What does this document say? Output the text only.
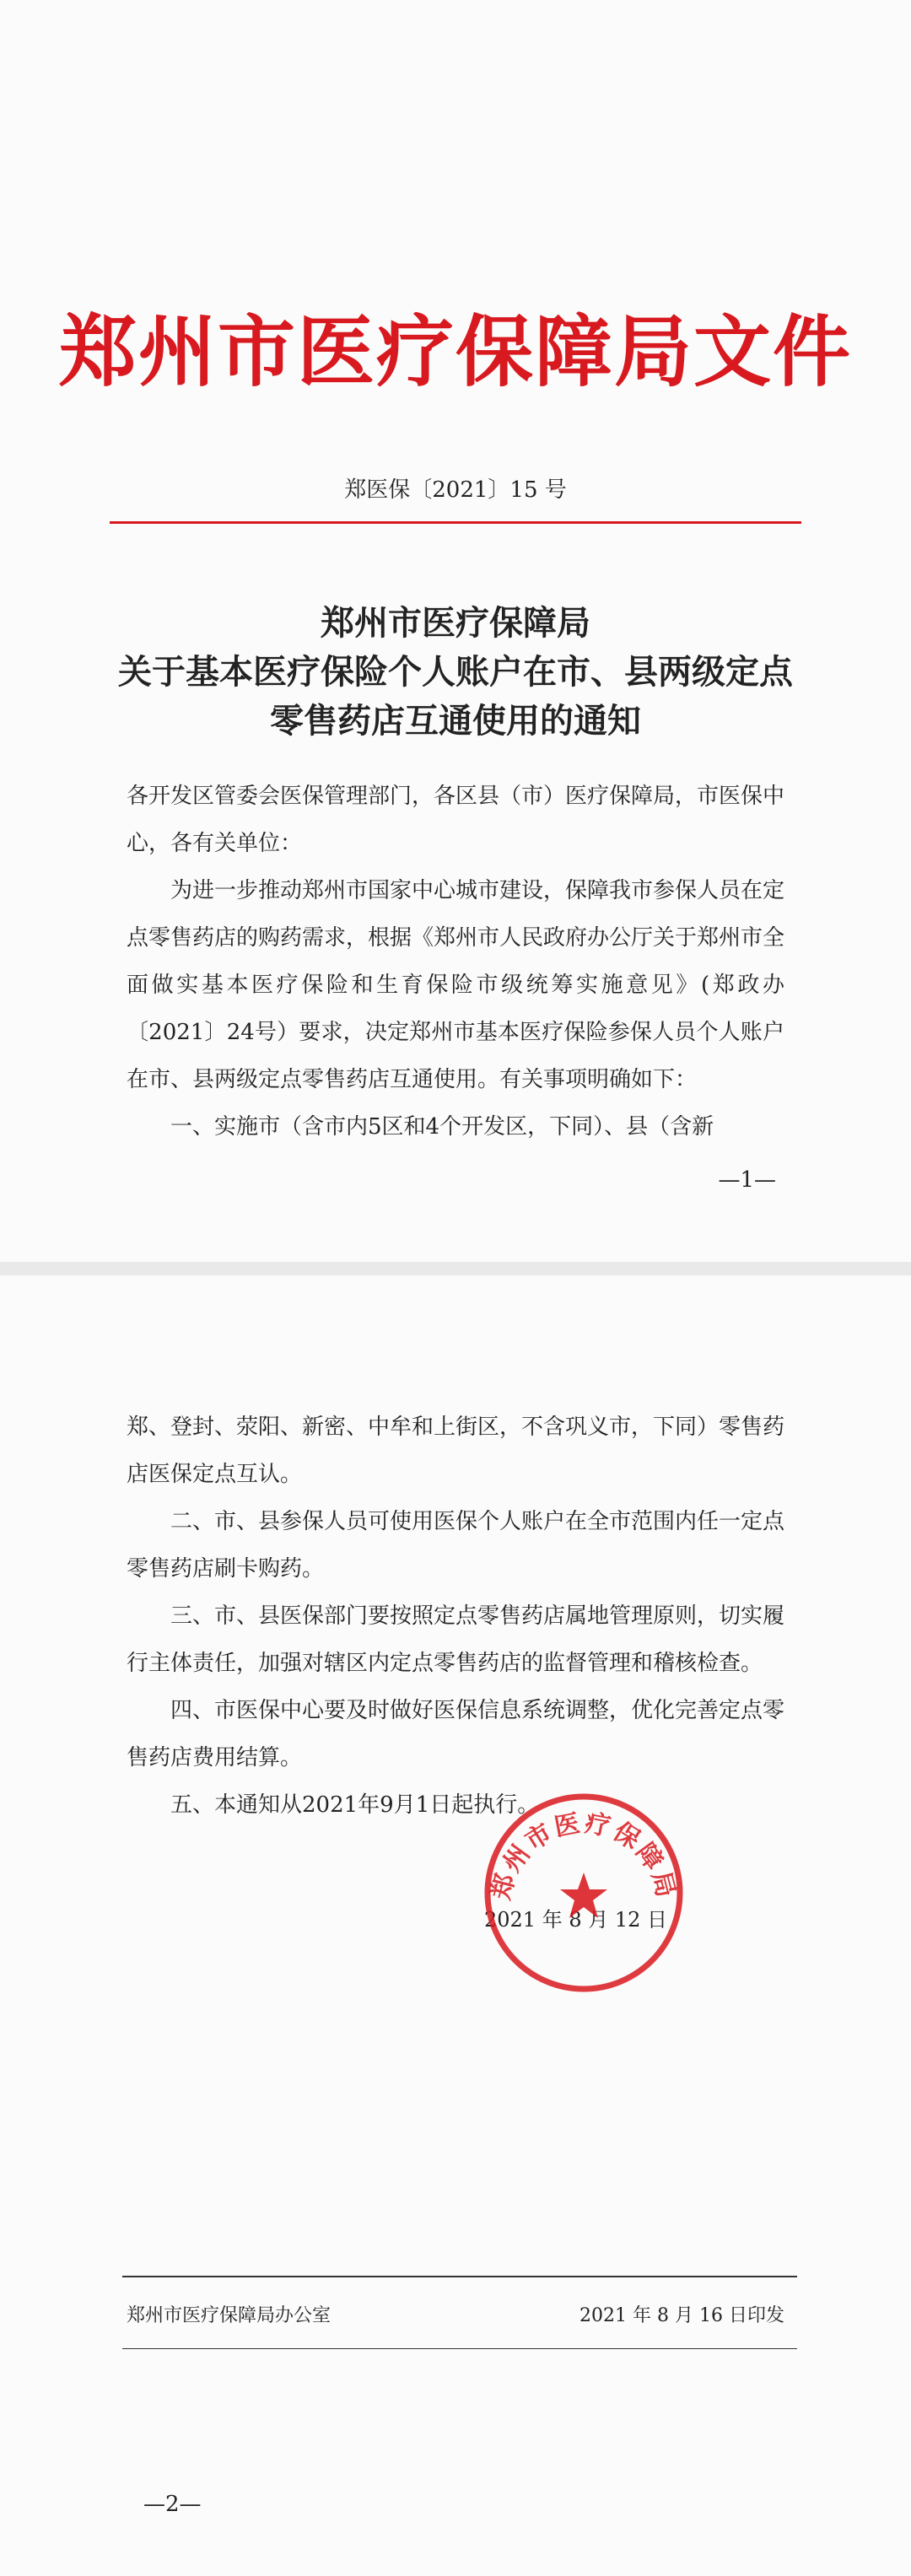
郑州市医疗保障局文件
郑医保〔2021〕15 号
郑州市医疗保障局
关于基本医疗保险个人账户在市、县两级定点
零售药店互通使用的通知

各开发区管委会医保管理部门，各区县（市）医疗保障局，市医保中心，各有关单位：

为进一步推动郑州市国家中心城市建设，保障我市参保人员在定点零售药店的购药需求，根据《郑州市人民政府办公厅关于郑州市全面做实基本医疗保险和生育保险市级统筹实施意见》(郑政办〔2021〕24号）要求，决定郑州市基本医疗保险参保人员个人账户在市、县两级定点零售药店互通使用。有关事项明确如下：

一、实施市（含市内5区和4个开发区，下同）、县（含新

—1—

郑、登封、荥阳、新密、中牟和上街区，不含巩义市，下同）零售药店医保定点互认。

二、市、县参保人员可使用医保个人账户在全市范围内任一定点零售药店刷卡购药。

三、市、县医保部门要按照定点零售药店属地管理原则，切实履行主体责任，加强对辖区内定点零售药店的监督管理和稽核检查。

四、市医保中心要及时做好医保信息系统调整，优化完善定点零售药店费用结算。

五、本通知从2021年9月1日起执行。

2021 年 8 月 12 日
郑州市医疗保障局
郑州市医疗保障局办公室	2021 年 8 月 16 日印发
—2—
